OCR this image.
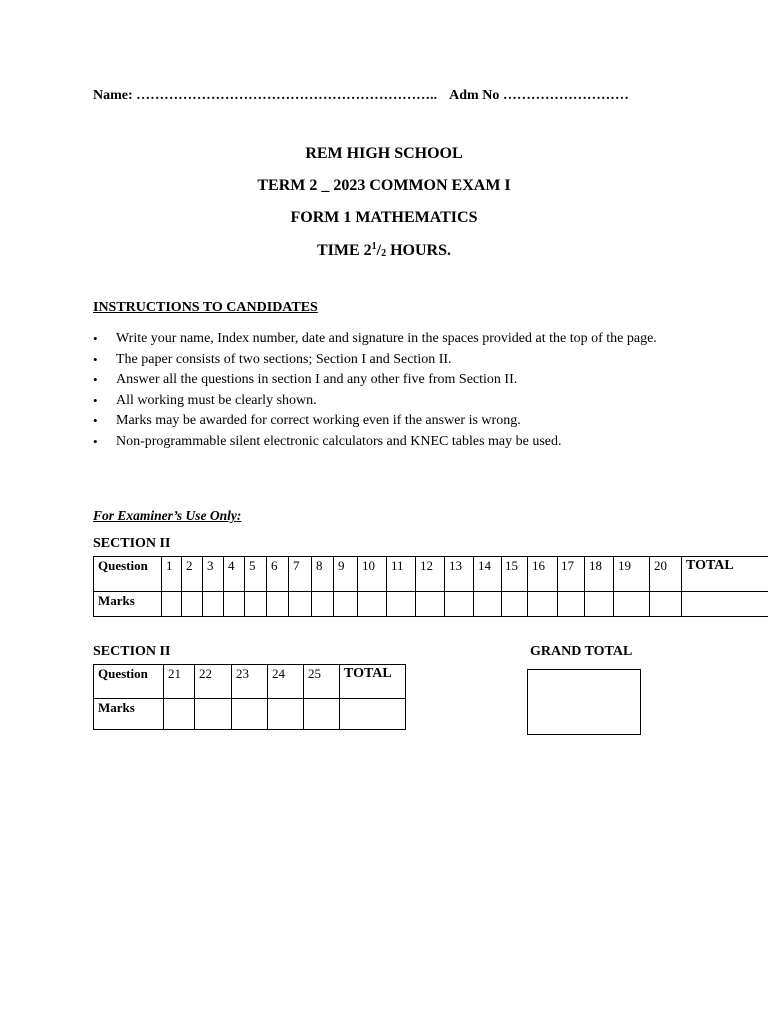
Name: ……………………………………………………….. Adm No ………………………
REM HIGH SCHOOL
TERM 2 _ 2023 COMMON EXAM I
FORM 1 MATHEMATICS
TIME $2^1/_2$ HOURS.
INSTRUCTIONS TO CANDIDATES
• Write your name, Index number, date and signature in the spaces provided at the top of the page.
• The paper consists of two sections; Section I and Section II.
• Answer all the questions in section I and any other five from Section II.
• All working must be clearly shown.
• Marks may be awarded for correct working even if the answer is wrong.
• Non-programmable silent electronic calculators and KNEC tables may be used.
For Examiner’s Use Only:
SECTION II
Question	1	2	3	4	5	6	7	8	9	10	11	12	13	14	15	16	17	18	19	20	TOTAL
Marks																					
SECTION II
Question	21	22	23	24	25	TOTAL
Marks						
GRAND TOTAL
